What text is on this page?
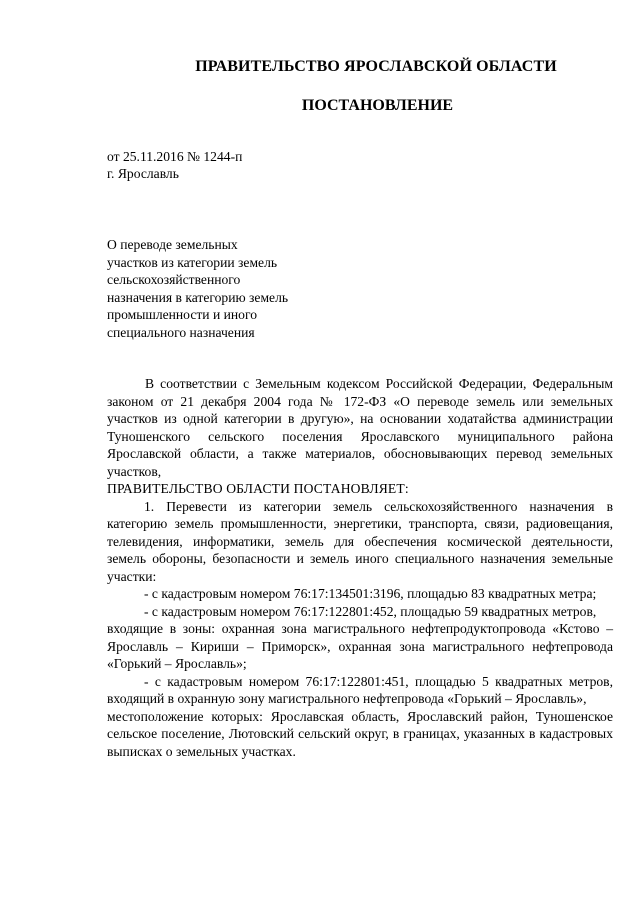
ПРАВИТЕЛЬСТВО ЯРОСЛАВСКОЙ ОБЛАСТИ
ПОСТАНОВЛЕНИЕ
от 25.11.2016 № 1244-п
г. Ярославль
О переводе земельных
участков из категории земель
сельскохозяйственного
назначения в категорию земель
промышленности и иного
специального назначения

В соответствии с Земельным кодексом Российской Федерации, Федеральным законом от 21 декабря 2004 года № 172-ФЗ «О переводе земель или земельных участков из одной категории в другую», на основании ходатайства администрации Туношенского сельского поселения Ярославского муниципального района Ярославской области, а также материалов, обосновывающих перевод земельных участков,

ПРАВИТЕЛЬСТВО ОБЛАСТИ ПОСТАНОВЛЯЕТ:

1. Перевести из категории земель сельскохозяйственного назначения в категорию земель промышленности, энергетики, транспорта, связи, радиовещания, телевидения, информатики, земель для обеспечения космической деятельности, земель обороны, безопасности и земель иного специального назначения земельные участки:

- с кадастровым номером 76:17:134501:3196, площадью 83 квадратных метра;

- с кадастровым номером 76:17:122801:452, площадью 59 квадратных метров,

входящие в зоны: охранная зона магистрального нефтепродуктопровода «Кстово – Ярославль – Кириши – Приморск», охранная зона магистрального нефтепровода «Горький – Ярославль»;

- с кадастровым номером 76:17:122801:451, площадью 5 квадратных метров, входящий в охранную зону магистрального нефтепровода «Горький – Ярославль»,

местоположение которых: Ярославская область, Ярославский район, Туношенское сельское поселение, Лютовский сельский округ, в границах, указанных в кадастровых выписках о земельных участках.
